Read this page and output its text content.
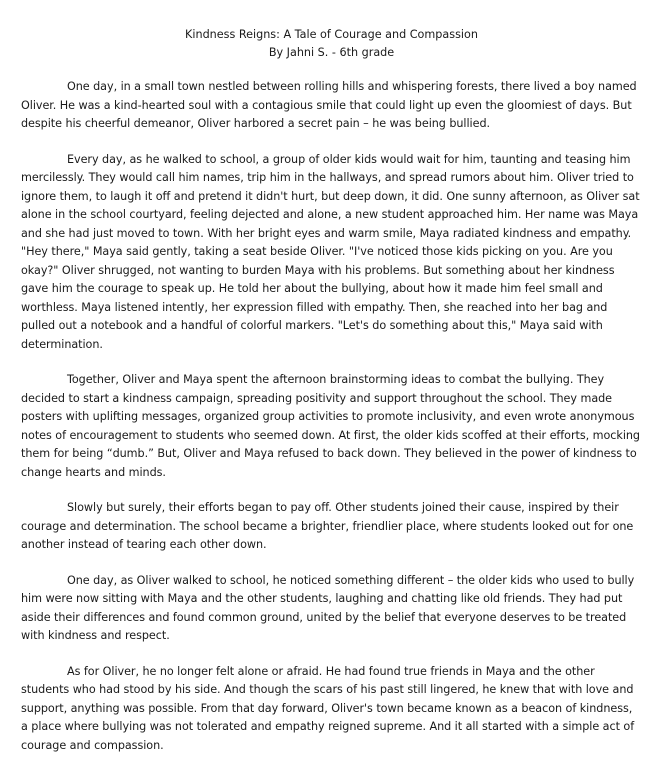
Kindness Reigns: A Tale of Courage and Compassion
By Jahni S. - 6th grade

One day, in a small town nestled between rolling hills and whispering forests, there lived a boy named Oliver. He was a kind-hearted soul with a contagious smile that could light up even the gloomiest of days. But despite his cheerful demeanor, Oliver harbored a secret pain – he was being bullied.

Every day, as he walked to school, a group of older kids would wait for him, taunting and teasing him mercilessly. They would call him names, trip him in the hallways, and spread rumors about him. Oliver tried to ignore them, to laugh it off and pretend it didn't hurt, but deep down, it did. One sunny afternoon, as Oliver sat alone in the school courtyard, feeling dejected and alone, a new student approached him. Her name was Maya and she had just moved to town. With her bright eyes and warm smile, Maya radiated kindness and empathy. "Hey there," Maya said gently, taking a seat beside Oliver. "I've noticed those kids picking on you. Are you okay?" Oliver shrugged, not wanting to burden Maya with his problems. But something about her kindness gave him the courage to speak up. He told her about the bullying, about how it made him feel small and worthless. Maya listened intently, her expression filled with empathy. Then, she reached into her bag and pulled out a notebook and a handful of colorful markers. "Let's do something about this," Maya said with determination.

Together, Oliver and Maya spent the afternoon brainstorming ideas to combat the bullying. They decided to start a kindness campaign, spreading positivity and support throughout the school. They made posters with uplifting messages, organized group activities to promote inclusivity, and even wrote anonymous notes of encouragement to students who seemed down. At first, the older kids scoffed at their efforts, mocking them for being “dumb.” But, Oliver and Maya refused to back down. They believed in the power of kindness to change hearts and minds.

Slowly but surely, their efforts began to pay off. Other students joined their cause, inspired by their courage and determination. The school became a brighter, friendlier place, where students looked out for one another instead of tearing each other down.

One day, as Oliver walked to school, he noticed something different – the older kids who used to bully him were now sitting with Maya and the other students, laughing and chatting like old friends. They had put aside their differences and found common ground, united by the belief that everyone deserves to be treated with kindness and respect.

As for Oliver, he no longer felt alone or afraid. He had found true friends in Maya and the other students who had stood by his side. And though the scars of his past still lingered, he knew that with love and support, anything was possible. From that day forward, Oliver's town became known as a beacon of kindness, a place where bullying was not tolerated and empathy reigned supreme. And it all started with a simple act of courage and compassion.
